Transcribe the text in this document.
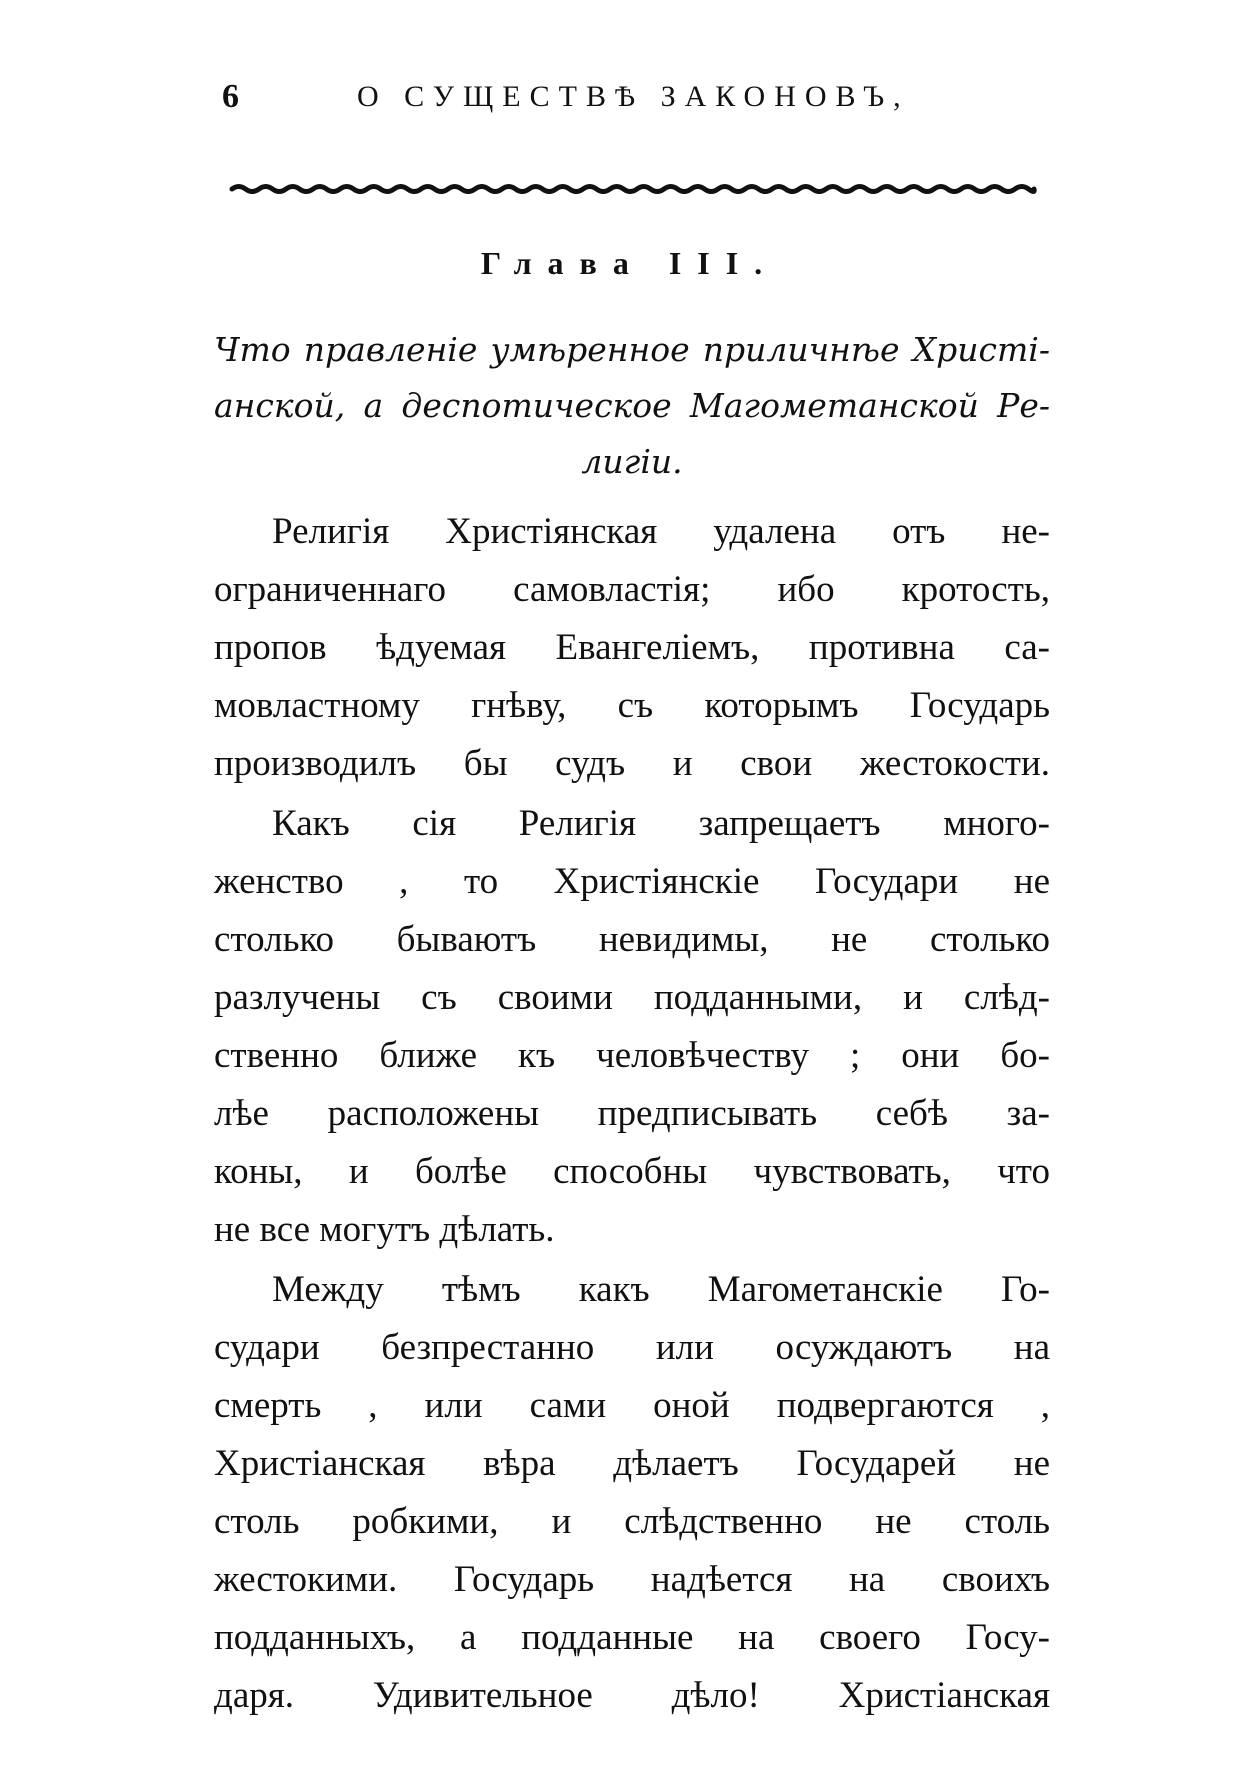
6	О СУЩЕСТВѢ ЗАКОНОВЪ,
Глава III.
Что правленіе умѣренное приличнѣе Христі-
анской, а деспотическое Магометанской Ре-
лигіи.
Религія Христіянская удалена отъ не-
ограниченнаго самовластія; ибо кротость,
пропов ѣдуемая Евангеліемъ, противна са-
мовластному гнѣву, съ которымъ Государь
производилъ бы судъ и свои жестокости.
Какъ сія Религія запрещаетъ много-
женство , то Христіянскіе Государи не
столько бываютъ невидимы, не столько
разлучены съ своими подданными, и слѣд-
ственно ближе къ человѣчеству ; они бо-
лѣе расположены предписывать себѣ за-
коны, и болѣе способны чувствовать, что
не все могутъ дѣлать.
Между тѣмъ какъ Магометанскіе Го-
судари безпрестанно или осуждаютъ на
смерть , или сами оной подвергаются ,
Христіанская вѣра дѣлаетъ Государей не
столь робкими, и слѣдственно не столь
жестокими. Государь надѣется на своихъ
подданныхъ, а подданные на своего Госу-
даря. Удивительное дѣло! Христіанская
